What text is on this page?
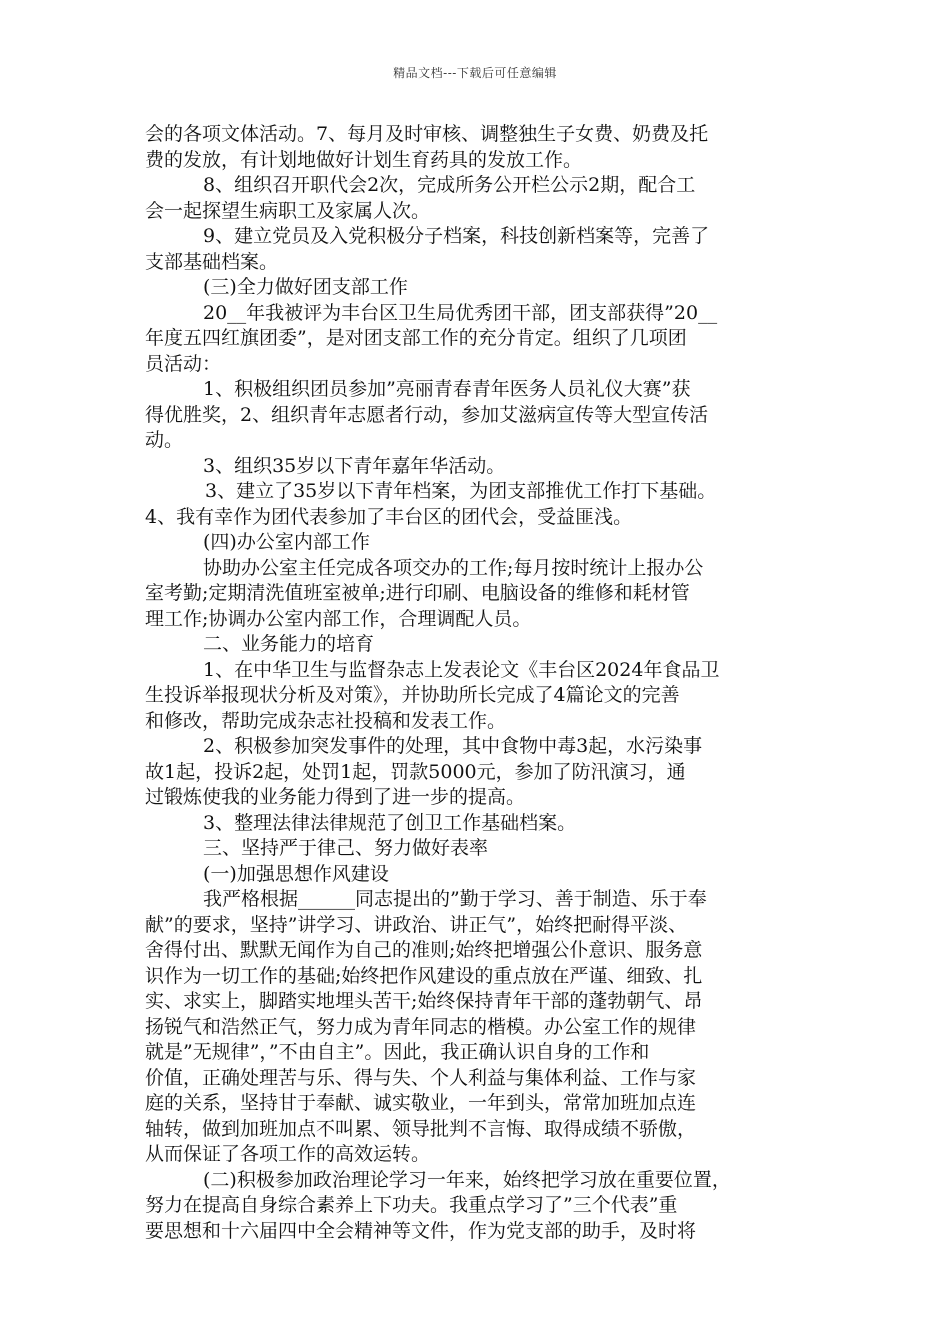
精品文档---下载后可任意编辑
会的各项文体活动。7、每月及时审核、调整独生子女费、奶费及托
费的发放，有计划地做好计划生育药具的发放工作。
8、组织召开职代会2次，完成所务公开栏公示2期，配合工
会一起探望生病职工及家属人次。
9、建立党员及入党积极分子档案，科技创新档案等，完善了
支部基础档案。
(三)全力做好团支部工作
20__年我被评为丰台区卫生局优秀团干部，团支部获得”20__
年度五四红旗团委”，是对团支部工作的充分肯定。组织了几项团
员活动：
1、积极组织团员参加”亮丽青春青年医务人员礼仪大赛”获
得优胜奖，2、组织青年志愿者行动，参加艾滋病宣传等大型宣传活
动。
3、组织35岁以下青年嘉年华活动。
3、建立了35岁以下青年档案，为团支部推优工作打下基础。
4、我有幸作为团代表参加了丰台区的团代会，受益匪浅。
(四)办公室内部工作
协助办公室主任完成各项交办的工作;每月按时统计上报办公
室考勤;定期清洗值班室被单;进行印刷、电脑设备的维修和耗材管
理工作;协调办公室内部工作，合理调配人员。
二、业务能力的培育
1、在中华卫生与监督杂志上发表论文《丰台区2024年食品卫
生投诉举报现状分析及对策》，并协助所长完成了4篇论文的完善
和修改，帮助完成杂志社投稿和发表工作。
2、积极参加突发事件的处理，其中食物中毒3起，水污染事
故1起，投诉2起，处罚1起，罚款5000元，参加了防汛演习，通
过锻炼使我的业务能力得到了进一步的提高。
3、整理法律法律规范了创卫工作基础档案。
三、坚持严于律己、努力做好表率
(一)加强思想作风建设
我严格根据______同志提出的”勤于学习、善于制造、乐于奉
献”的要求，坚持”讲学习、讲政治、讲正气”，始终把耐得平淡、
舍得付出、默默无闻作为自己的准则;始终把增强公仆意识、服务意
识作为一切工作的基础;始终把作风建设的重点放在严谨、细致、扎
实、求实上，脚踏实地埋头苦干;始终保持青年干部的蓬勃朝气、昂
扬锐气和浩然正气，努力成为青年同志的楷模。办公室工作的规律
就是”无规律”，”不由自主”。因此，我正确认识自身的工作和
价值，正确处理苦与乐、得与失、个人利益与集体利益、工作与家
庭的关系，坚持甘于奉献、诚实敬业，一年到头，常常加班加点连
轴转，做到加班加点不叫累、领导批判不言悔、取得成绩不骄傲，
从而保证了各项工作的高效运转。
(二)积极参加政治理论学习一年来，始终把学习放在重要位置，
努力在提高自身综合素养上下功夫。我重点学习了”三个代表”重
要思想和十六届四中全会精神等文件，作为党支部的助手，及时将
